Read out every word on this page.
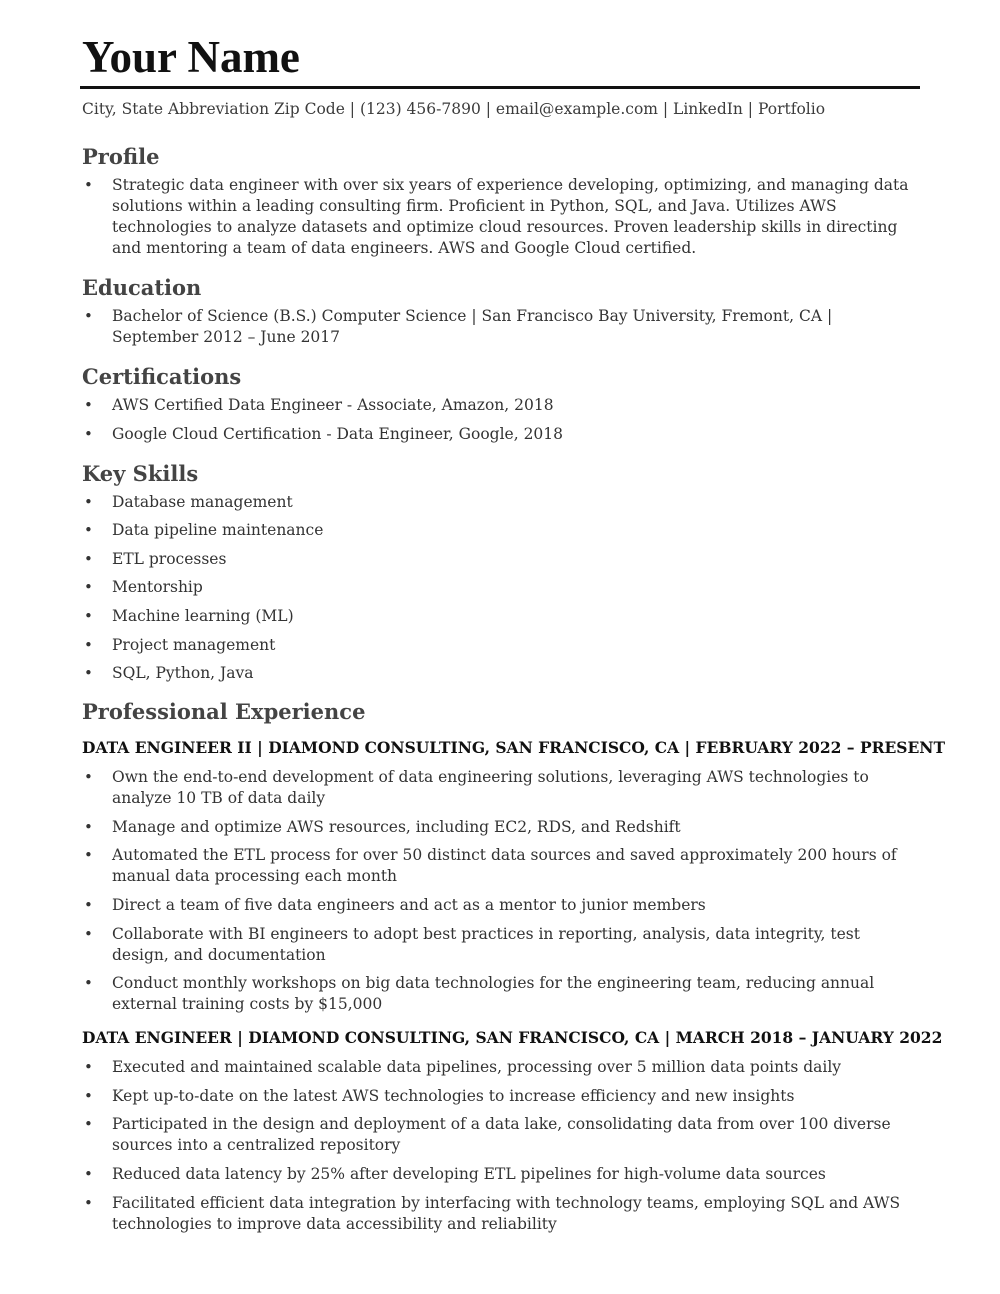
Your Name
City, State Abbreviation Zip Code | (123) 456-7890 | email@example.com | LinkedIn | Portfolio
Profile
• Strategic data engineer with over six years of experience developing, optimizing, and managing data solutions within a leading consulting firm. Proficient in Python, SQL, and Java. Utilizes AWS technologies to analyze datasets and optimize cloud resources. Proven leadership skills in directing and mentoring a team of data engineers. AWS and Google Cloud certified.
Education
• Bachelor of Science (B.S.) Computer Science | San Francisco Bay University, Fremont, CA | September 2012 – June 2017
Certifications
• AWS Certified Data Engineer - Associate, Amazon, 2018
• Google Cloud Certification - Data Engineer, Google, 2018
Key Skills
• Database management
• Data pipeline maintenance
• ETL processes
• Mentorship
• Machine learning (ML)
• Project management
• SQL, Python, Java
Professional Experience
DATA ENGINEER II | DIAMOND CONSULTING, SAN FRANCISCO, CA | FEBRUARY 2022 – PRESENT
• Own the end-to-end development of data engineering solutions, leveraging AWS technologies to analyze 10 TB of data daily
• Manage and optimize AWS resources, including EC2, RDS, and Redshift
• Automated the ETL process for over 50 distinct data sources and saved approximately 200 hours of manual data processing each month
• Direct a team of five data engineers and act as a mentor to junior members
• Collaborate with BI engineers to adopt best practices in reporting, analysis, data integrity, test design, and documentation
• Conduct monthly workshops on big data technologies for the engineering team, reducing annual external training costs by $15,000
DATA ENGINEER | DIAMOND CONSULTING, SAN FRANCISCO, CA | MARCH 2018 – JANUARY 2022
• Executed and maintained scalable data pipelines, processing over 5 million data points daily
• Kept up-to-date on the latest AWS technologies to increase efficiency and new insights
• Participated in the design and deployment of a data lake, consolidating data from over 100 diverse sources into a centralized repository
• Reduced data latency by 25% after developing ETL pipelines for high-volume data sources
• Facilitated efficient data integration by interfacing with technology teams, employing SQL and AWS technologies to improve data accessibility and reliability
